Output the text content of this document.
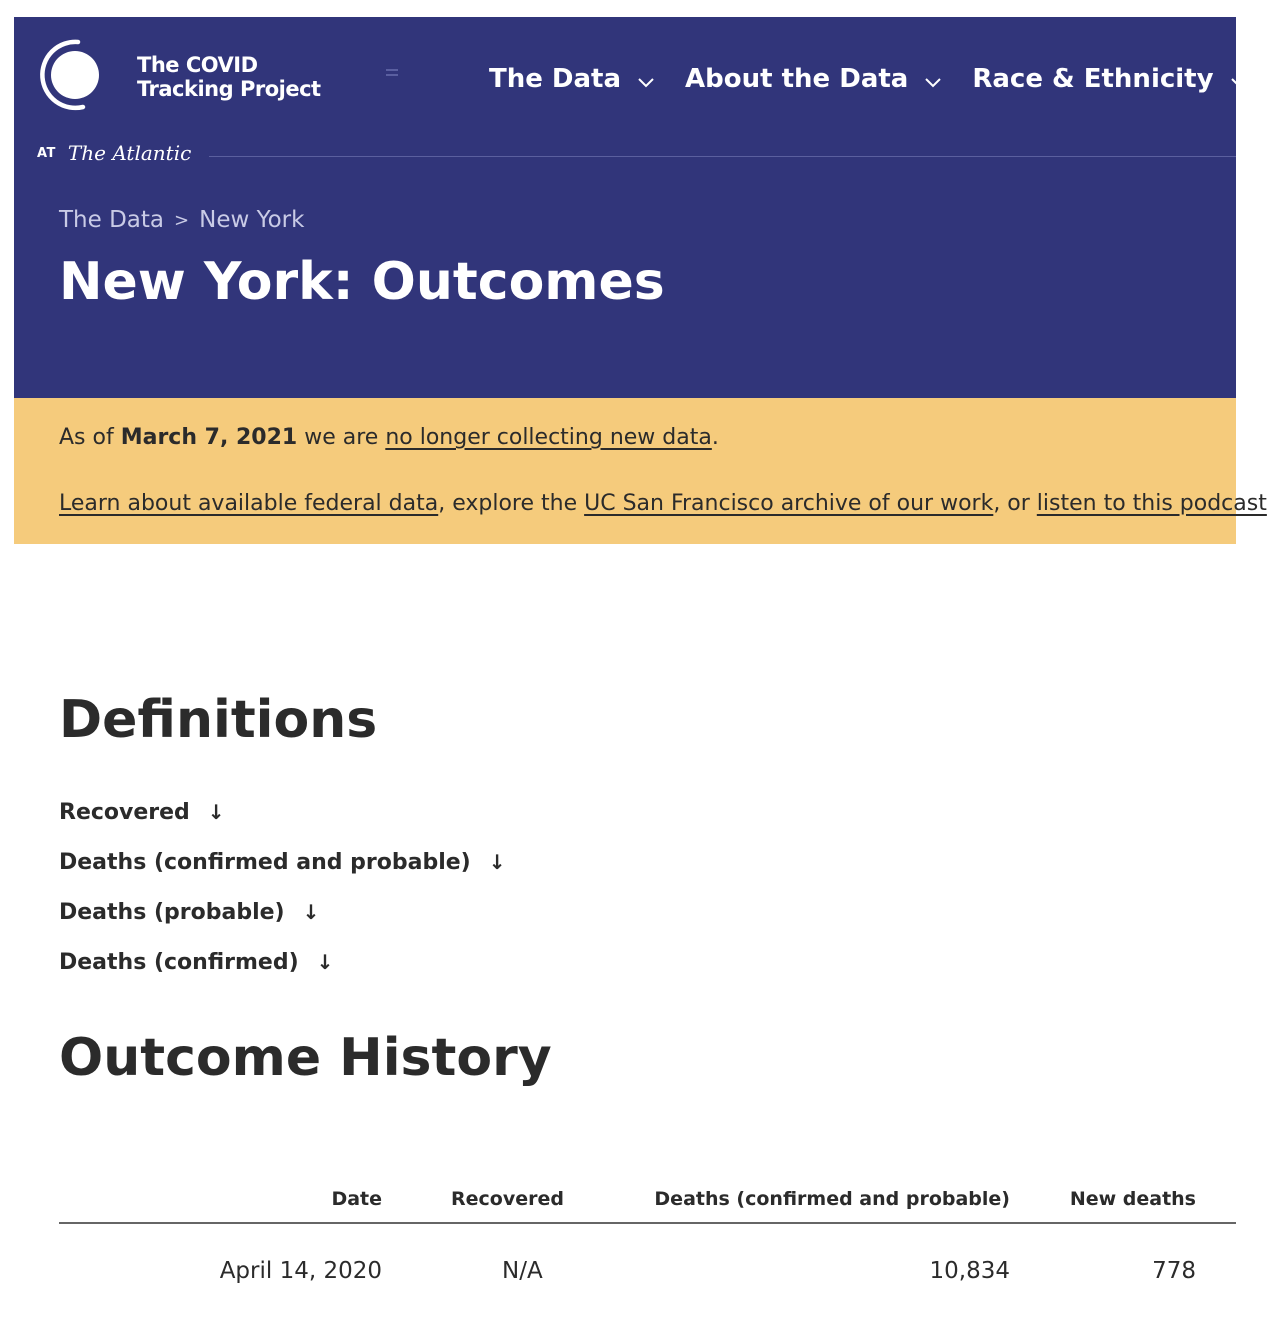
The COVID
Tracking Project	The Data About the Data Race & Ethnicity
AT The Atlantic
The Data > New York
New York: Outcomes

As of March 7, 2021 we are no longer collecting new data.

Learn about available federal data, explore the UC San Francisco archive of our work, or listen to this podcast

Definitions
Recovered ↓
Deaths (confirmed and probable) ↓
Deaths (probable) ↓
Deaths (confirmed) ↓
Outcome History
Date	Recovered	Deaths (confirmed and probable)	New deaths
April 14, 2020	N/A	10,834	778
